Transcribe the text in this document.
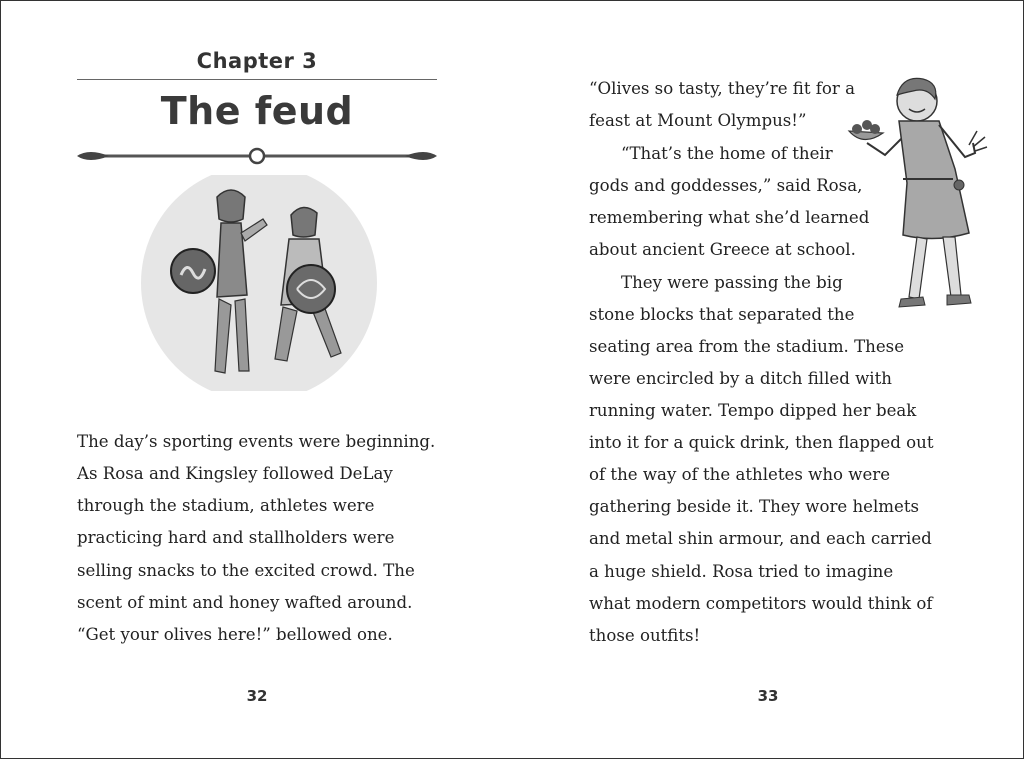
Chapter 3
The feud
The day’s sporting events were beginning.
As Rosa and Kingsley followed DeLay
through the stadium, athletes were
practicing hard and stallholders were
selling snacks to the excited crowd. The
scent of mint and honey wafted around.
“Get your olives here!” bellowed one.
32
“Olives so tasty, they’re fit for a
feast at Mount Olympus!”
“That’s the home of their
gods and goddesses,” said Rosa,
remembering what she’d learned
about ancient Greece at school.
They were passing the big
stone blocks that separated the
seating area from the stadium. These
were encircled by a ditch filled with
running water. Tempo dipped her beak
into it for a quick drink, then flapped out
of the way of the athletes who were
gathering beside it. They wore helmets
and metal shin armour, and each carried
a huge shield. Rosa tried to imagine
what modern competitors would think of
those outfits!
33
